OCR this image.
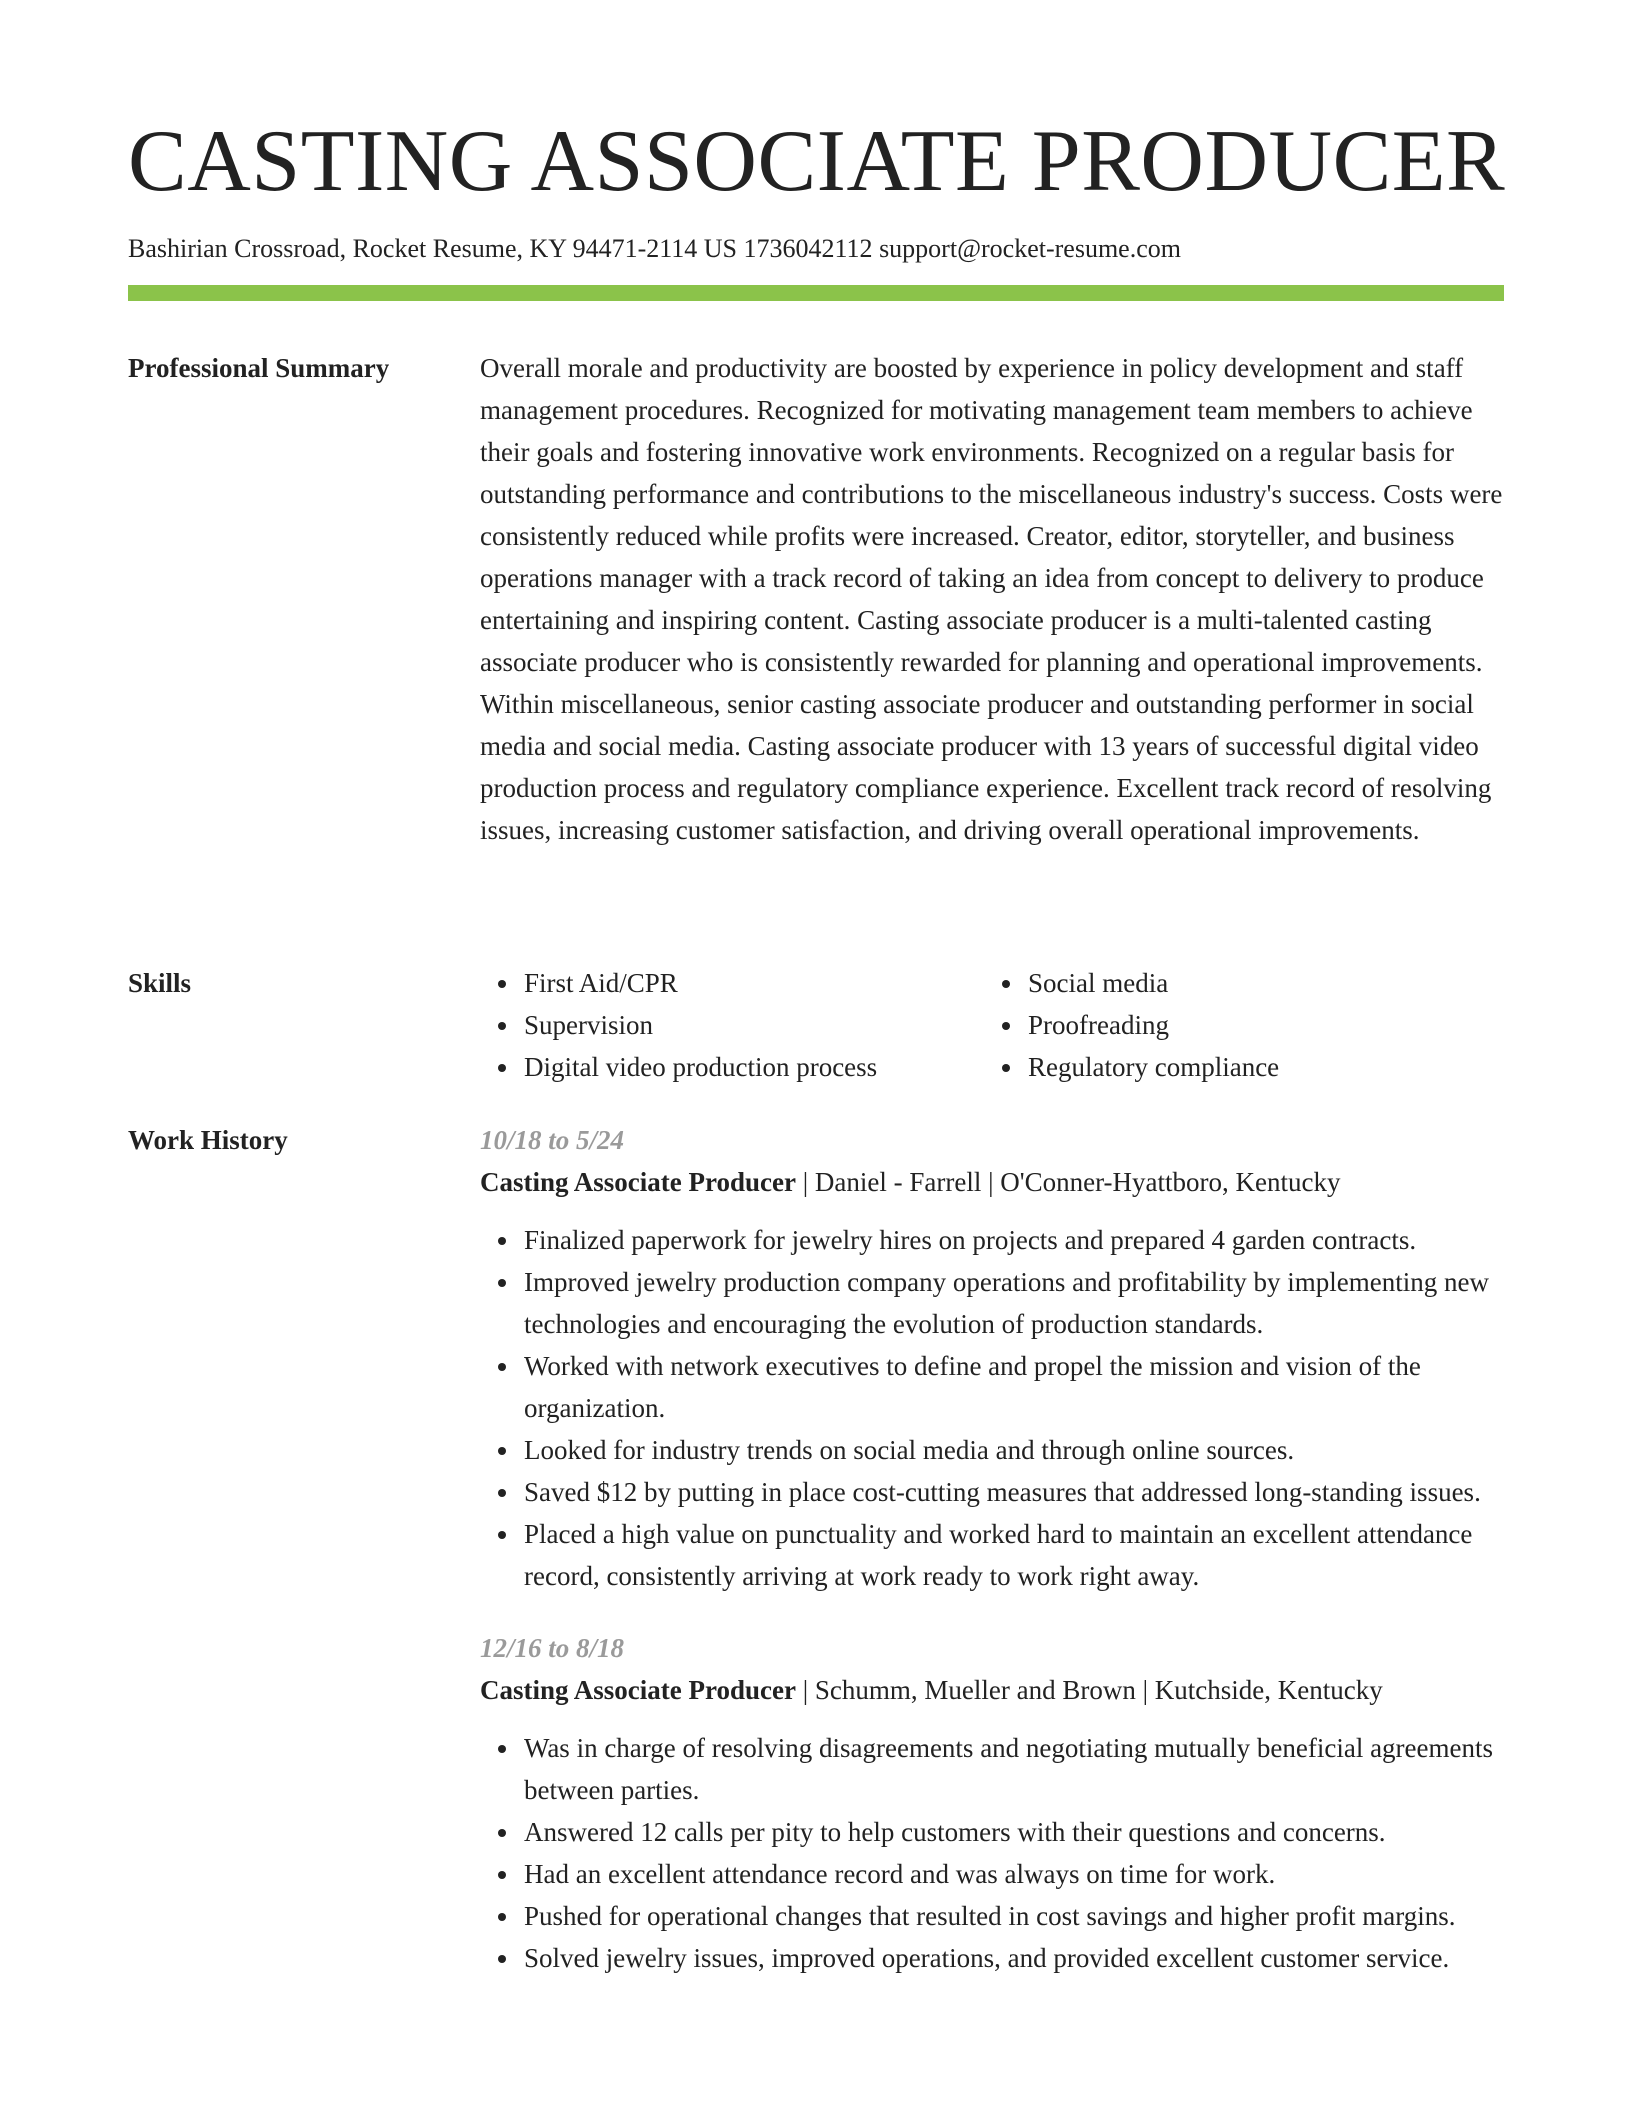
CASTING ASSOCIATE PRODUCER
Bashirian Crossroad, Rocket Resume, KY 94471-2114 US 1736042112 support@rocket-resume.com
Professional Summary	Overall morale and productivity are boosted by experience in policy development and staff management procedures. Recognized for motivating management team members to achieve their goals and fostering innovative work environments. Recognized on a regular basis for outstanding performance and contributions to the miscellaneous industry's success. Costs were consistently reduced while profits were increased. Creator, editor, storyteller, and business operations manager with a track record of taking an idea from concept to delivery to produce entertaining and inspiring content. Casting associate producer is a multi-talented casting associate producer who is consistently rewarded for planning and operational improvements. Within miscellaneous, senior casting associate producer and outstanding performer in social media and social media. Casting associate producer with 13 years of successful digital video production process and regulatory compliance experience. Excellent track record of resolving issues, increasing customer satisfaction, and driving overall operational improvements.

Skills	First Aid/CPR
Supervision
Digital video production process
Social media
Proofreading
Regulatory compliance
Work History	10/18 to 5/24
Casting Associate Producer | Daniel - Farrell | O'Conner-Hyattboro, Kentucky
Finalized paperwork for jewelry hires on projects and prepared 4 garden contracts.
Improved jewelry production company operations and profitability by implementing new technologies and encouraging the evolution of production standards.
Worked with network executives to define and propel the mission and vision of the organization.
Looked for industry trends on social media and through online sources.
Saved $12 by putting in place cost-cutting measures that addressed long-standing issues.
Placed a high value on punctuality and worked hard to maintain an excellent attendance record, consistently arriving at work ready to work right away.
12/16 to 8/18
Casting Associate Producer | Schumm, Mueller and Brown | Kutchside, Kentucky
Was in charge of resolving disagreements and negotiating mutually beneficial agreements between parties.
Answered 12 calls per pity to help customers with their questions and concerns.
Had an excellent attendance record and was always on time for work.
Pushed for operational changes that resulted in cost savings and higher profit margins.
Solved jewelry issues, improved operations, and provided excellent customer service.
